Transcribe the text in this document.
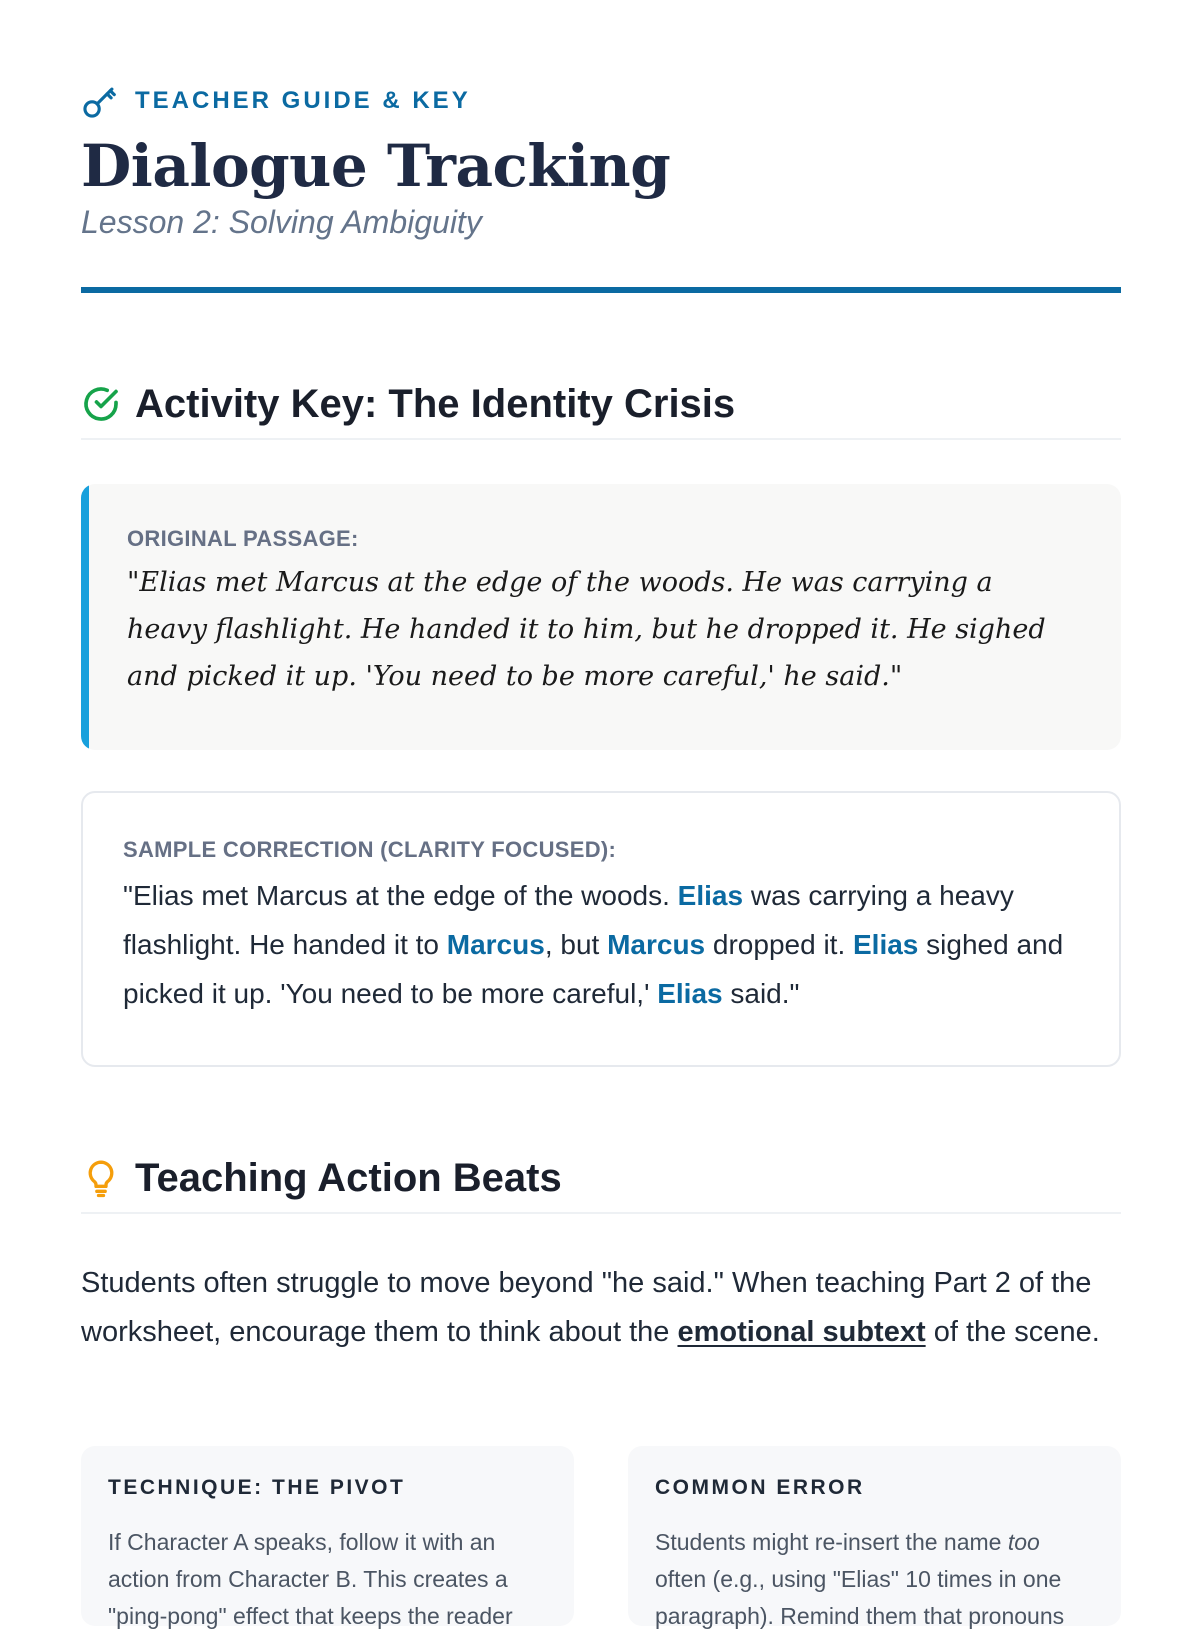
TEACHER GUIDE & KEY
Dialogue Tracking
Lesson 2: Solving Ambiguity
Activity Key: The Identity Crisis
ORIGINAL PASSAGE:

"Elias met Marcus at the edge of the woods. He was carrying a heavy flashlight. He handed it to him, but he dropped it. He sighed and picked it up. 'You need to be more careful,' he said."

SAMPLE CORRECTION (CLARITY FOCUSED):

"Elias met Marcus at the edge of the woods. Elias was carrying a heavy flashlight. He handed it to Marcus, but Marcus dropped it. Elias sighed and picked it up. 'You need to be more careful,' Elias said."

Teaching Action Beats

Students often struggle to move beyond "he said." When teaching Part 2 of the worksheet, encourage them to think about the emotional subtext of the scene.

TECHNIQUE: THE PIVOT
If Character A speaks, follow it with an action from Character B. This creates a "ping-pong" effect that keeps the reader
COMMON ERROR
Students might re-insert the name too often (e.g., using "Elias" 10 times in one paragraph). Remind them that pronouns
